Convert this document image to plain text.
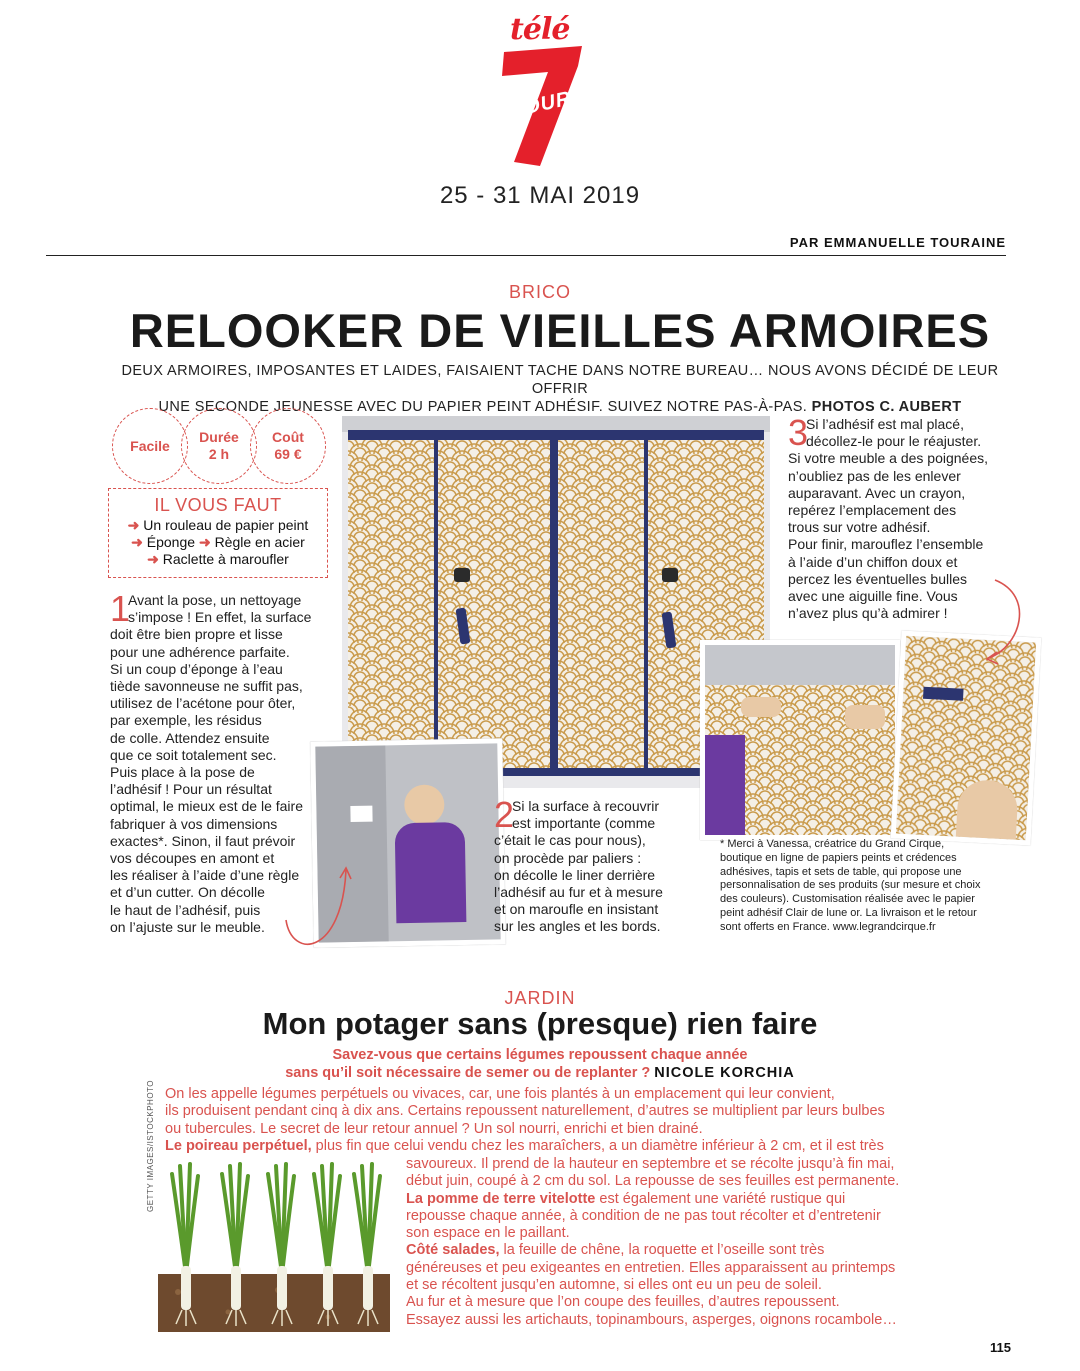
télé
JOURS
25 - 31 MAI 2019
PAR EMMANUELLE TOURAINE
BRICO
RELOOKER DE VIEILLES ARMOIRES
DEUX ARMOIRES, IMPOSANTES ET LAIDES, FAISAIENT TACHE DANS NOTRE BUREAU… NOUS AVONS DÉCIDÉ DE LEUR OFFRIR
UNE SECONDE JEUNESSE AVEC DU PAPIER PEINT ADHÉSIF. SUIVEZ NOTRE PAS-À-PAS. PHOTOS C. AUBERT
Facile
Durée
2 h
Coût
69 €
IL VOUS FAUT
➜ Un rouleau de papier peint
➜ Éponge ➜ Règle en acier
➜ Raclette à maroufler
1
Avant la pose, un nettoyage
s’impose ! En effet, la surface
doit être bien propre et lisse
pour une adhérence parfaite.
Si un coup d’éponge à l’eau
tiède savonneuse ne suffit pas,
utilisez de l’acétone pour ôter,
par exemple, les résidus
de colle. Attendez ensuite
que ce soit totalement sec.
Puis place à la pose de
l’adhésif ! Pour un résultat
optimal, le mieux est de le faire
fabriquer à vos dimensions
exactes*. Sinon, il faut prévoir
vos découpes en amont et
les réaliser à l’aide d’une règle
et d’un cutter. On décolle
le haut de l’adhésif, puis
on l’ajuste sur le meuble.
2
Si la surface à recouvrir
est importante (comme
c’était le cas pour nous),
on procède par paliers :
on décolle le liner derrière
l’adhésif au fur et à mesure
et on maroufle en insistant
sur les angles et les bords.
3
Si l’adhésif est mal placé,
décollez-le pour le réajuster.
Si votre meuble a des poignées,
n’oubliez pas de les enlever
auparavant. Avec un crayon,
repérez l’emplacement des
trous sur votre adhésif.
Pour finir, marouflez l’ensemble
à l’aide d’un chiffon doux et
percez les éventuelles bulles
avec une aiguille fine. Vous
n’avez plus qu’à admirer !
* Merci à Vanessa, créatrice du Grand Cirque,
boutique en ligne de papiers peints et crédences
adhésives, tapis et sets de table, qui propose une
personnalisation de ses produits (sur mesure et choix
des couleurs). Customisation réalisée avec le papier
peint adhésif Clair de lune or. La livraison et le retour
sont offerts en France. www.legrandcirque.fr
JARDIN
Mon potager sans (presque) rien faire
Savez-vous que certains légumes repoussent chaque année
sans qu’il soit nécessaire de semer ou de replanter ? NICOLE KORCHIA
On les appelle légumes perpétuels ou vivaces, car, une fois plantés à un emplacement qui leur convient,
ils produisent pendant cinq à dix ans. Certains repoussent naturellement, d’autres se multiplient par leurs bulbes
ou tubercules. Le secret de leur retour annuel ? Un sol nourri, enrichi et bien drainé.
Le poireau perpétuel, plus fin que celui vendu chez les maraîchers, a un diamètre inférieur à 2 cm, et il est très
savoureux. Il prend de la hauteur en septembre et se récolte jusqu’à fin mai,
début juin, coupé à 2 cm du sol. La repousse de ses feuilles est permanente.
La pomme de terre vitelotte est également une variété rustique qui
repousse chaque année, à condition de ne pas tout récolter et d’entretenir
son espace en le paillant.
Côté salades, la feuille de chêne, la roquette et l’oseille sont très
généreuses et peu exigeantes en entretien. Elles apparaissent au printemps
et se récoltent jusqu’en automne, si elles ont eu un peu de soleil.
Au fur et à mesure que l’on coupe des feuilles, d’autres repoussent.
Essayez aussi les artichauts, topinambours, asperges, oignons rocambole…
GETTY IMAGES/ISTOCKPHOTO
115
